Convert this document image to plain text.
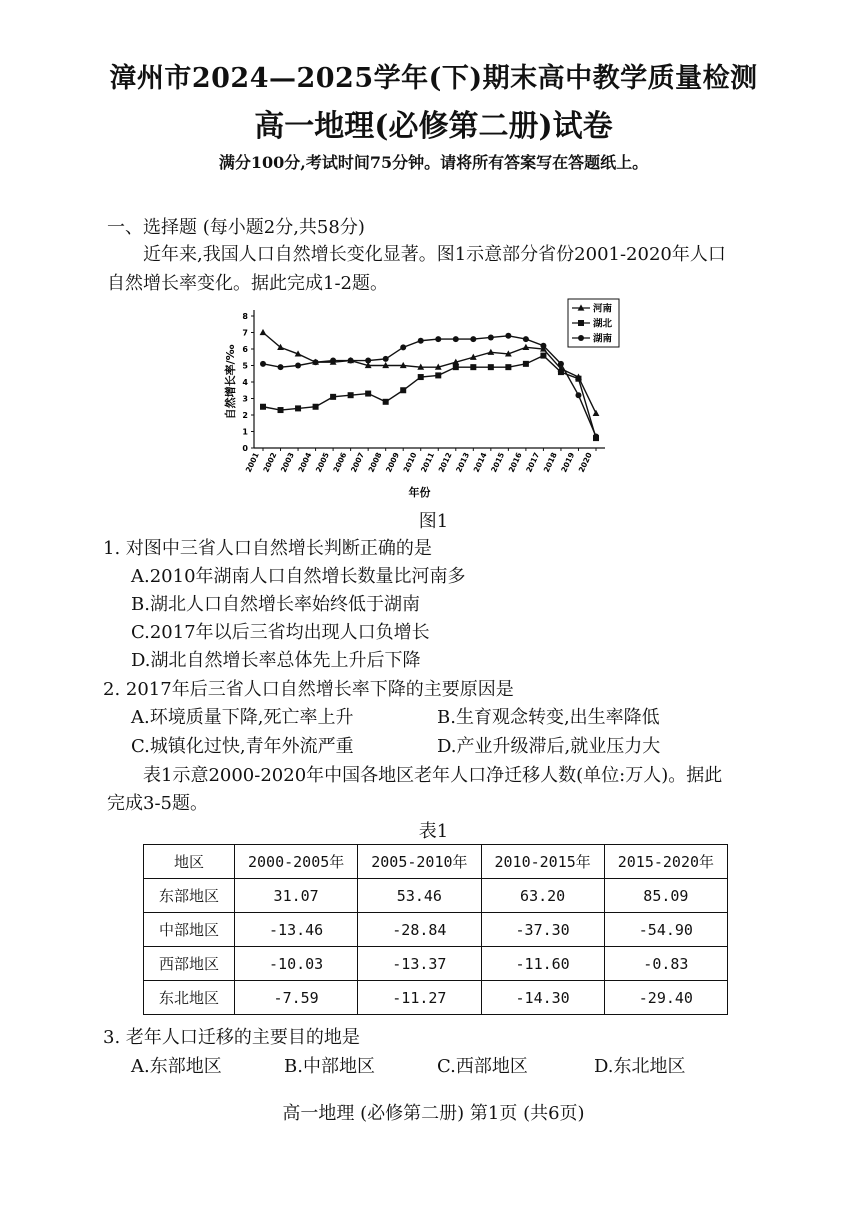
漳州市2024—2025学年(下)期末高中教学质量检测
高一地理(必修第二册)试卷
满分100分,考试时间75分钟。请将所有答案写在答题纸上。
一、选择题 (每小题2分,共58分)
近年来,我国人口自然增长变化显著。图1示意部分省份2001-2020年人口
自然增长率变化。据此完成1-2题。
0
1
2
3
4
5
6
7
8
2001 2002 2003 2004 2005 2006 2007 2008 2009 2010 2011 2012 2013 2014 2015 2016 2017 2018 2019 2020
年份
自然增长率/‰
河南
湖北
湖南
图1
1. 对图中三省人口自然增长判断正确的是
A.2010年湖南人口自然增长数量比河南多
B.湖北人口自然增长率始终低于湖南
C.2017年以后三省均出现人口负增长
D.湖北自然增长率总体先上升后下降
2. 2017年后三省人口自然增长率下降的主要原因是
A.环境质量下降,死亡率上升	B.生育观念转变,出生率降低
C.城镇化过快,青年外流严重	D.产业升级滞后,就业压力大
表1示意2000-2020年中国各地区老年人口净迁移人数(单位:万人)。据此
完成3-5题。
表1
地区	2000-2005年	2005-2010年	2010-2015年	2015-2020年
东部地区	31.07	53.46	63.20	85.09
中部地区	-13.46	-28.84	-37.30	-54.90
西部地区	-10.03	-13.37	-11.60	-0.83
东北地区	-7.59	-11.27	-14.30	-29.40
3. 老年人口迁移的主要目的地是
A.东部地区	B.中部地区	C.西部地区	D.东北地区
高一地理 (必修第二册) 第1页 (共6页)
